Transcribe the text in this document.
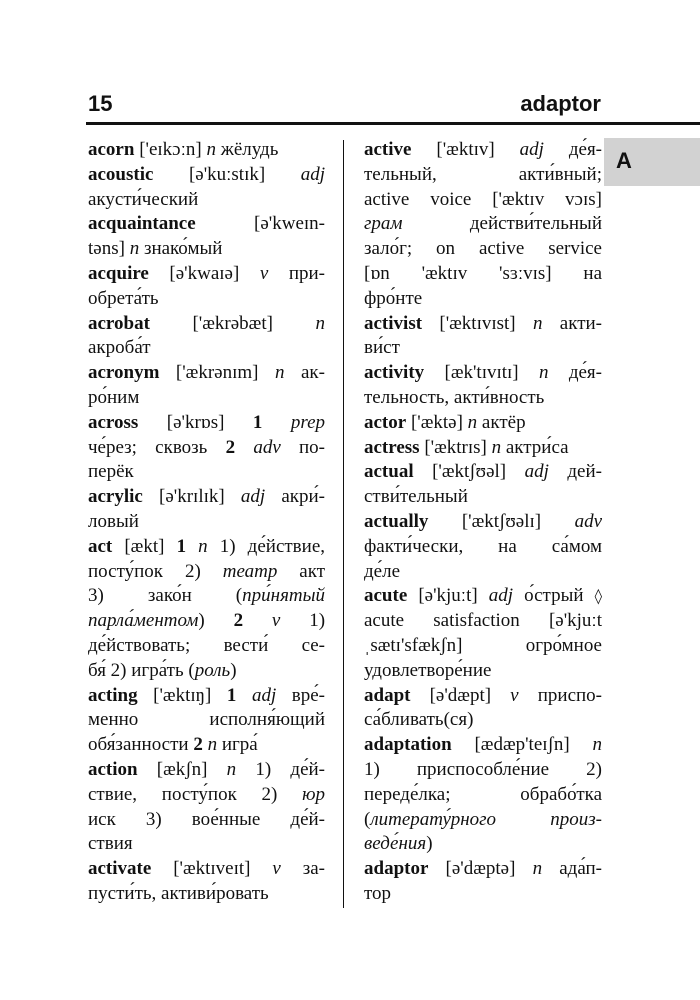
15	adaptor
A
acorn ['eɪkɔːn] n жёлудь
acoustic [ə'kuːstɪk] adj
акусти́ческий
acquaintance [ə'kweɪn-
təns] n знако́мый
acquire [ə'kwaɪə] v при-
обрета́ть
acrobat ['ækrəbæt] n
акроба́т
acronym ['ækrənɪm] n ак-
ро́ним
across [ə'krɒs] 1 prep
че́рез; сквозь 2 adv по-
перёк
acrylic [ə'krɪlɪk] adj акри́-
ловый
act [ækt] 1 n 1) де́йствие,
посту́пок 2) театр акт
3) зако́н (при́нятый
парла́ментом) 2 v 1)
де́йствовать; вести́ се-
бя́ 2) игра́ть (роль)
acting ['æktɪŋ] 1 adj вре́-
менно исполня́ющий
обя́занности 2 n игра́
action [ækʃn] n 1) де́й-
ствие, посту́пок 2) юр
иск 3) вое́нные де́й-
ствия
activate ['æktɪveɪt] v за-
пусти́ть, активи́ровать
active ['æktɪv] adj де́я-
тельный, акти́вный;
active voice ['æktɪv vɔɪs]
грам действи́тельный
зало́г; on active service
[ɒn 'æktɪv 'sɜːvɪs] на
фро́нте
activist ['æktɪvɪst] n акти-
ви́ст
activity [æk'tɪvɪtɪ] n де́я-
тельность, акти́вность
actor ['æktə] n актёр
actress ['æktrɪs] n актри́са
actual ['æktʃʊəl] adj дей-
стви́тельный
actually ['æktʃʊəlɪ] adv
факти́чески, на са́мом
де́ле
acute [ə'kjuːt] adj о́стрый ◊
acute satisfaction [ə'kjuːt
ˌsætɪ'sfækʃn] огро́мное
удовлетворе́ние
adapt [ə'dæpt] v приспо-
са́бливать(ся)
adaptation [ædæp'teɪʃn] n
1) приспособле́ние 2)
переде́лка; обрабо́тка
(литерату́рного произ-
веде́ния)
adaptor [ə'dæptə] n ада́п-
тор
